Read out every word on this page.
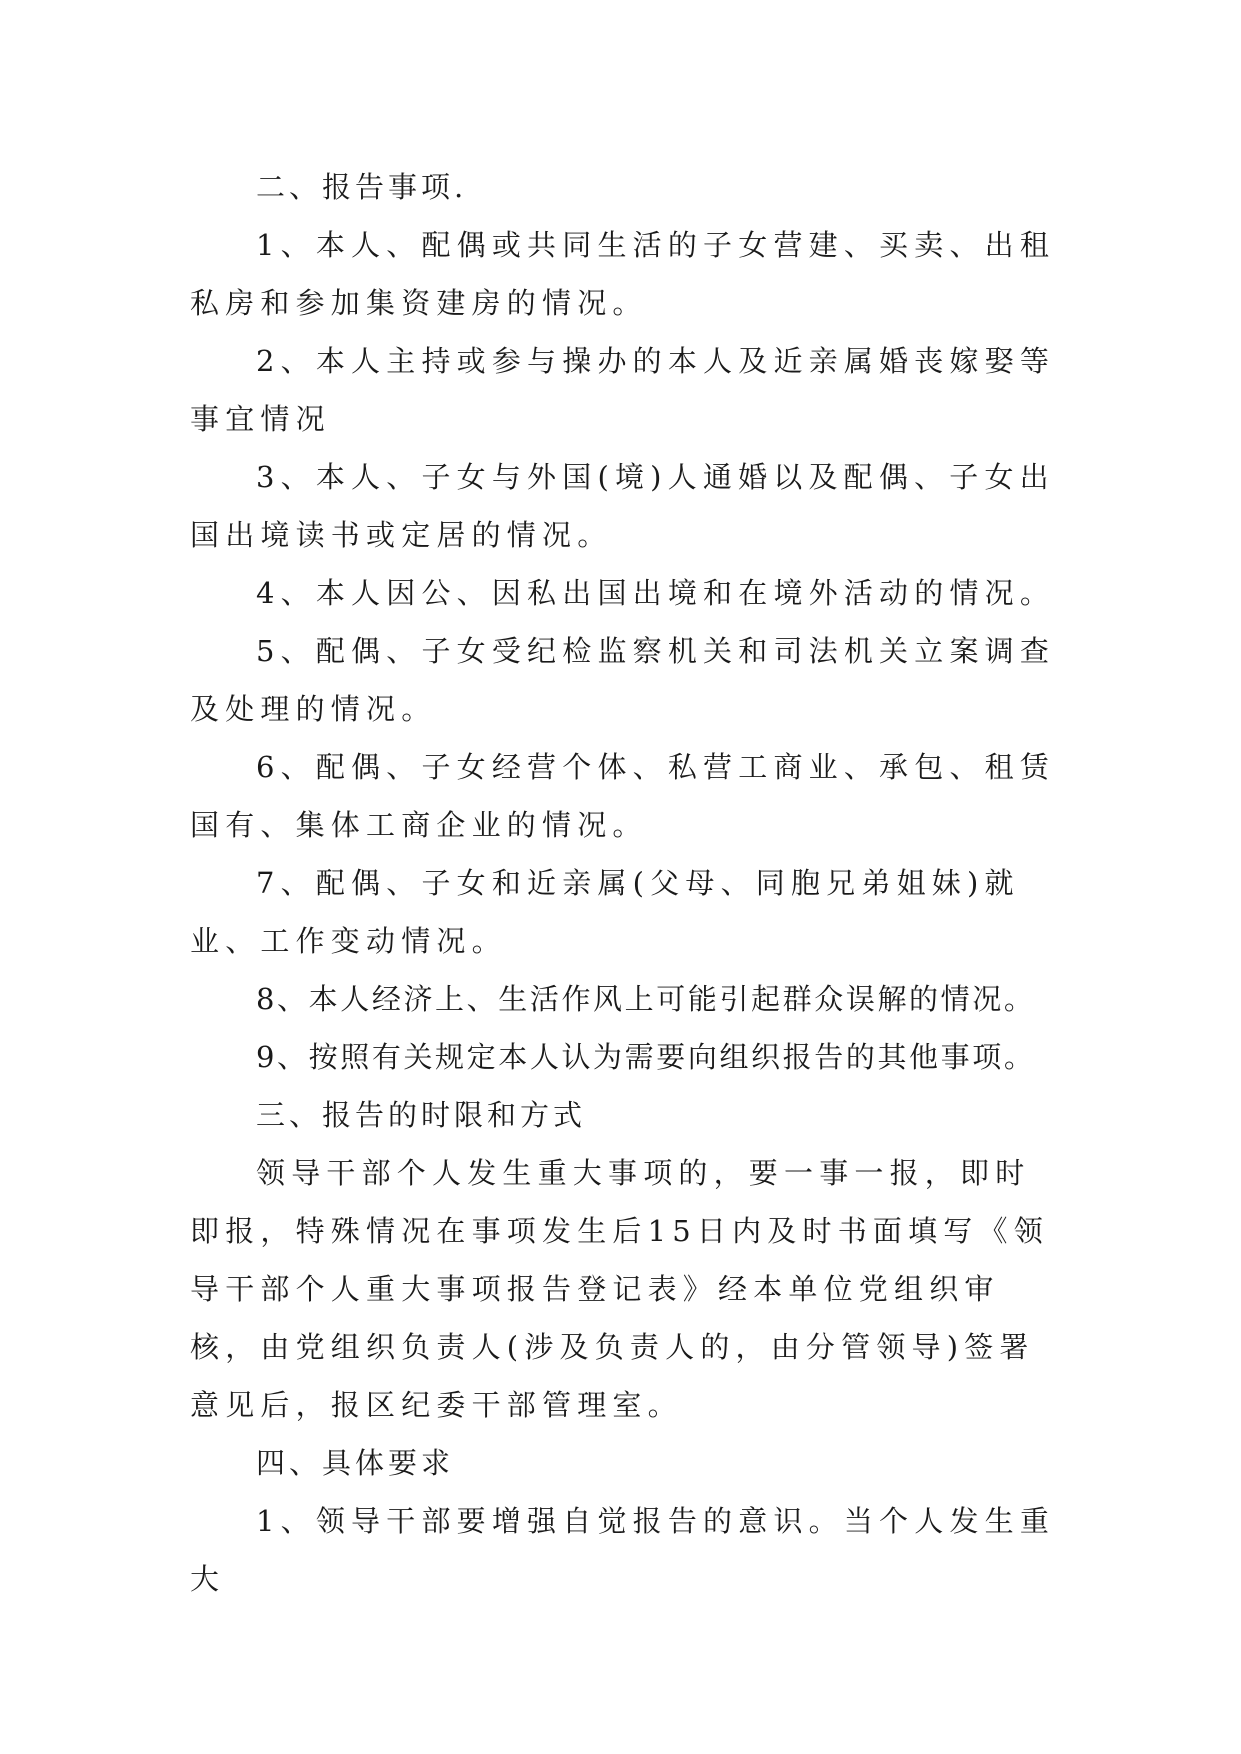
二、报告事项.

1、本人、配偶或共同生活的子女营建、买卖、出租私房和参加集资建房的情况。

2、本人主持或参与操办的本人及近亲属婚丧嫁娶等事宜情况

3、本人、子女与外国(境)人通婚以及配偶、子女出国出境读书或定居的情况。

4、本人因公、因私出国出境和在境外活动的情况。

5、配偶、子女受纪检监察机关和司法机关立案调查及处理的情况。

6、配偶、子女经营个体、私营工商业、承包、租赁国有、集体工商企业的情况。

7、配偶、子女和近亲属(父母、同胞兄弟姐妹)就业、工作变动情况。

8、本人经济上、生活作风上可能引起群众误解的情况。

9、按照有关规定本人认为需要向组织报告的其他事项。

三、报告的时限和方式

领导干部个人发生重大事项的，要一事一报，即时即报，特殊情况在事项发生后15日内及时书面填写《领导干部个人重大事项报告登记表》经本单位党组织审核，由党组织负责人(涉及负责人的，由分管领导)签署意见后，报区纪委干部管理室。

四、具体要求

1、领导干部要增强自觉报告的意识。当个人发生重大
